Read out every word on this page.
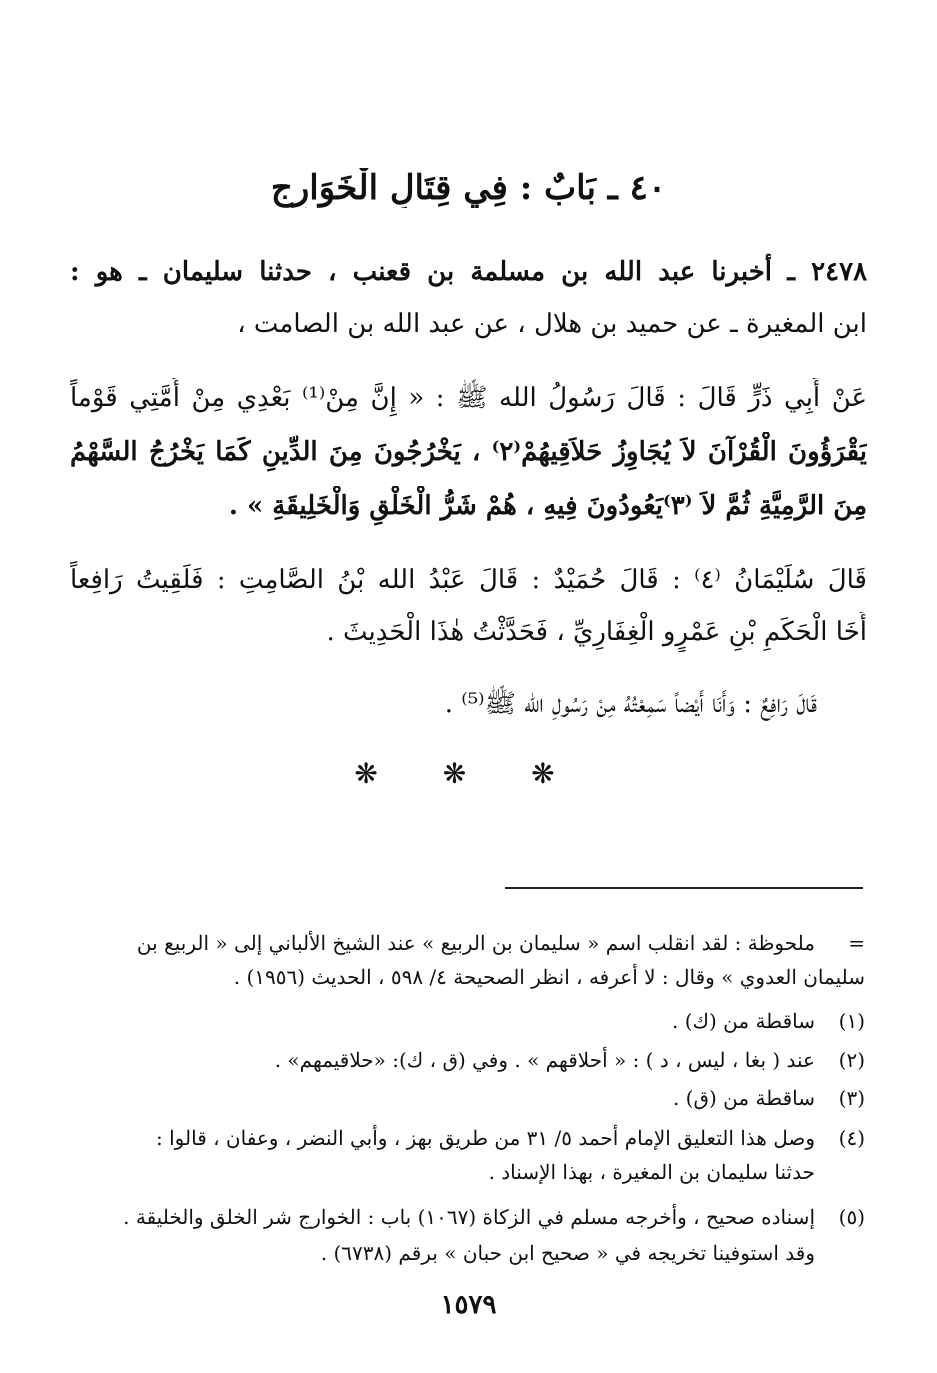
٤٠ ـ بَابٌ : فِي قِتَالِ الْخَوَارِجِ
٢٤٧٨ ـ أخبرنا عبد الله بن مسلمة بن قعنب ، حدثنا سليمان ـ هو :
ابن المغيرة ـ عن حميد بن هلال ، عن عبد الله بن الصامت ،
عَنْ أَبِي ذَرٍّ قَالَ : قَالَ رَسُولُ الله ﷺ : « إِنَّ مِنْ⁽¹⁾ بَعْدِي مِنْ أُمَّتِي قَوْماً
يَقْرَؤُونَ الْقُرْآنَ لاَ يُجَاوِزُ حَلاَقِيهُمْ⁽٢⁾ ، يَخْرُجُونَ مِنَ الدِّينِ كَمَا يَخْرُجُ السَّهْمُ
مِنَ الرَّمِيَّةِ ثُمَّ لاَ ⁽٣⁾يَعُودُونَ فِيهِ ، هُمْ شَرُّ الْخَلْقِ وَالْخَلِيقَةِ » .
قَالَ سُلَيْمَانُ ⁽٤⁾ : قَالَ حُمَيْدٌ : قَالَ عَبْدُ الله بْنُ الصَّامِتِ : فَلَقِيتُ رَافِعاً
أَخَا الْحَكَمِ بْنِ عَمْرٍو الْغِفَارِيِّ ، فَحَدَّثْتُ هٰذَا الْحَدِيثَ .
قَالَ رَافِعٌ : وَأَنَا أَيْضاً سَمِعْتُهُ مِنْ رَسُولِ الله ﷺ⁽⁵⁾ .
❋ ❋ ❋
=
ملحوظة : لقد انقلب اسم « سليمان بن الربيع » عند الشيخ الألباني إلى « الربيع بن
سليمان العدوي » وقال : لا أعرفه ، انظر الصحيحة ٤/ ٥٩٨ ، الحديث (١٩٥٦) .
(١)
ساقطة من (ك) .
(٢)
عند ( بغا ، ليس ، د ) : « أحلاقهم » . وفي (ق ، ك): «حلاقيمهم» .
(٣)
ساقطة من (ق) .
(٤)
وصل هذا التعليق الإمام أحمد ٥/ ٣١ من طريق بهز ، وأبي النضر ، وعفان ، قالوا :
حدثنا سليمان بن المغيرة ، بهذا الإسناد .
(٥)
إسناده صحيح ، وأخرجه مسلم في الزكاة (١٠٦٧) باب : الخوارج شر الخلق والخليقة .
وقد استوفينا تخريجه في « صحيح ابن حبان » برقم (٦٧٣٨) .
١٥٧٩
